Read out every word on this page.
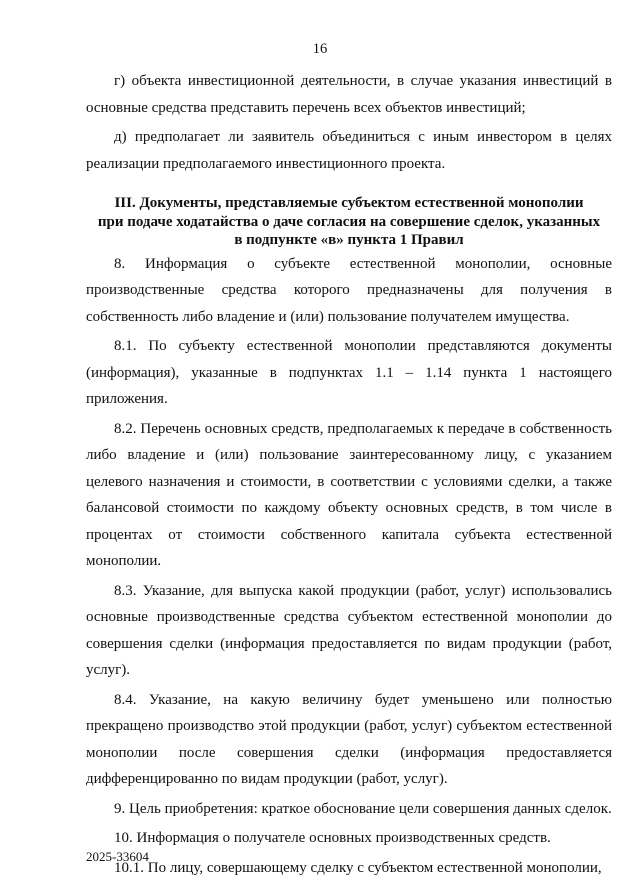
16

г) объекта инвестиционной деятельности, в случае указания инвестиций в основные средства представить перечень всех объектов инвестиций;

д) предполагает ли заявитель объединиться с иным инвестором в целях реализации предполагаемого инвестиционного проекта.

III. Документы, представляемые субъектом естественной монополии
при подаче ходатайства о даче согласия на совершение сделок, указанных
в подпункте «в» пункта 1 Правил

8. Информация о субъекте естественной монополии, основные производственные средства которого предназначены для получения в собственность либо владение и (или) пользование получателем имущества.

8.1. По субъекту естественной монополии представляются документы (информация), указанные в подпунктах 1.1 – 1.14 пункта 1 настоящего приложения.

8.2. Перечень основных средств, предполагаемых к передаче в собственность либо владение и (или) пользование заинтересованному лицу, с указанием целевого назначения и стоимости, в соответствии с условиями сделки, а также балансовой стоимости по каждому объекту основных средств, в том числе в процентах от стоимости собственного капитала субъекта естественной монополии.

8.3. Указание, для выпуска какой продукции (работ, услуг) использовались основные производственные средства субъектом естественной монополии до совершения сделки (информация предоставляется по видам продукции (работ, услуг).

8.4. Указание, на какую величину будет уменьшено или полностью прекращено производство этой продукции (работ, услуг) субъектом естественной монополии после совершения сделки (информация предоставляется дифференцированно по видам продукции (работ, услуг).

9. Цель приобретения: краткое обоснование цели совершения данных сделок.

10. Информация о получателе основных производственных средств.

10.1. По лицу, совершающему сделку с субъектом естественной монополии,

2025-33604
